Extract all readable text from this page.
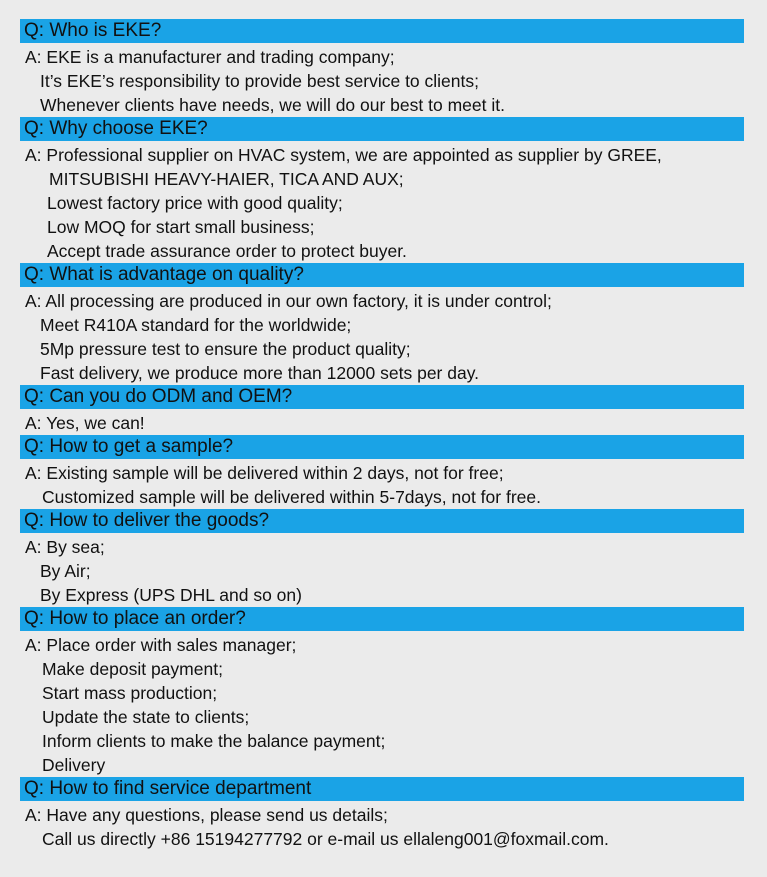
Q: Who is EKE?
A: EKE is a manufacturer and trading company;
It’s EKE’s responsibility to provide best service to clients;
Whenever clients have needs, we will do our best to meet it.
Q: Why choose EKE?
A: Professional supplier on HVAC system, we are appointed as supplier by GREE,
MITSUBISHI HEAVY-HAIER, TICA AND AUX;
Lowest factory price with good quality;
Low MOQ for start small business;
Accept trade assurance order to protect buyer.
Q: What is advantage on quality?
A: All processing are produced in our own factory, it is under control;
Meet R410A standard for the worldwide;
5Mp pressure test to ensure the product quality;
Fast delivery, we produce more than 12000 sets per day.
Q: Can you do ODM and OEM?
A: Yes, we can!
Q: How to get a sample?
A: Existing sample will be delivered within 2 days, not for free;
Customized sample will be delivered within 5-7days, not for free.
Q: How to deliver the goods?
A: By sea;
By Air;
By Express (UPS DHL and so on)
Q: How to place an order?
A: Place order with sales manager;
Make deposit payment;
Start mass production;
Update the state to clients;
Inform clients to make the balance payment;
Delivery
Q: How to find service department
A: Have any questions, please send us details;
Call us directly +86 15194277792 or e-mail us ellaleng001@foxmail.com.
